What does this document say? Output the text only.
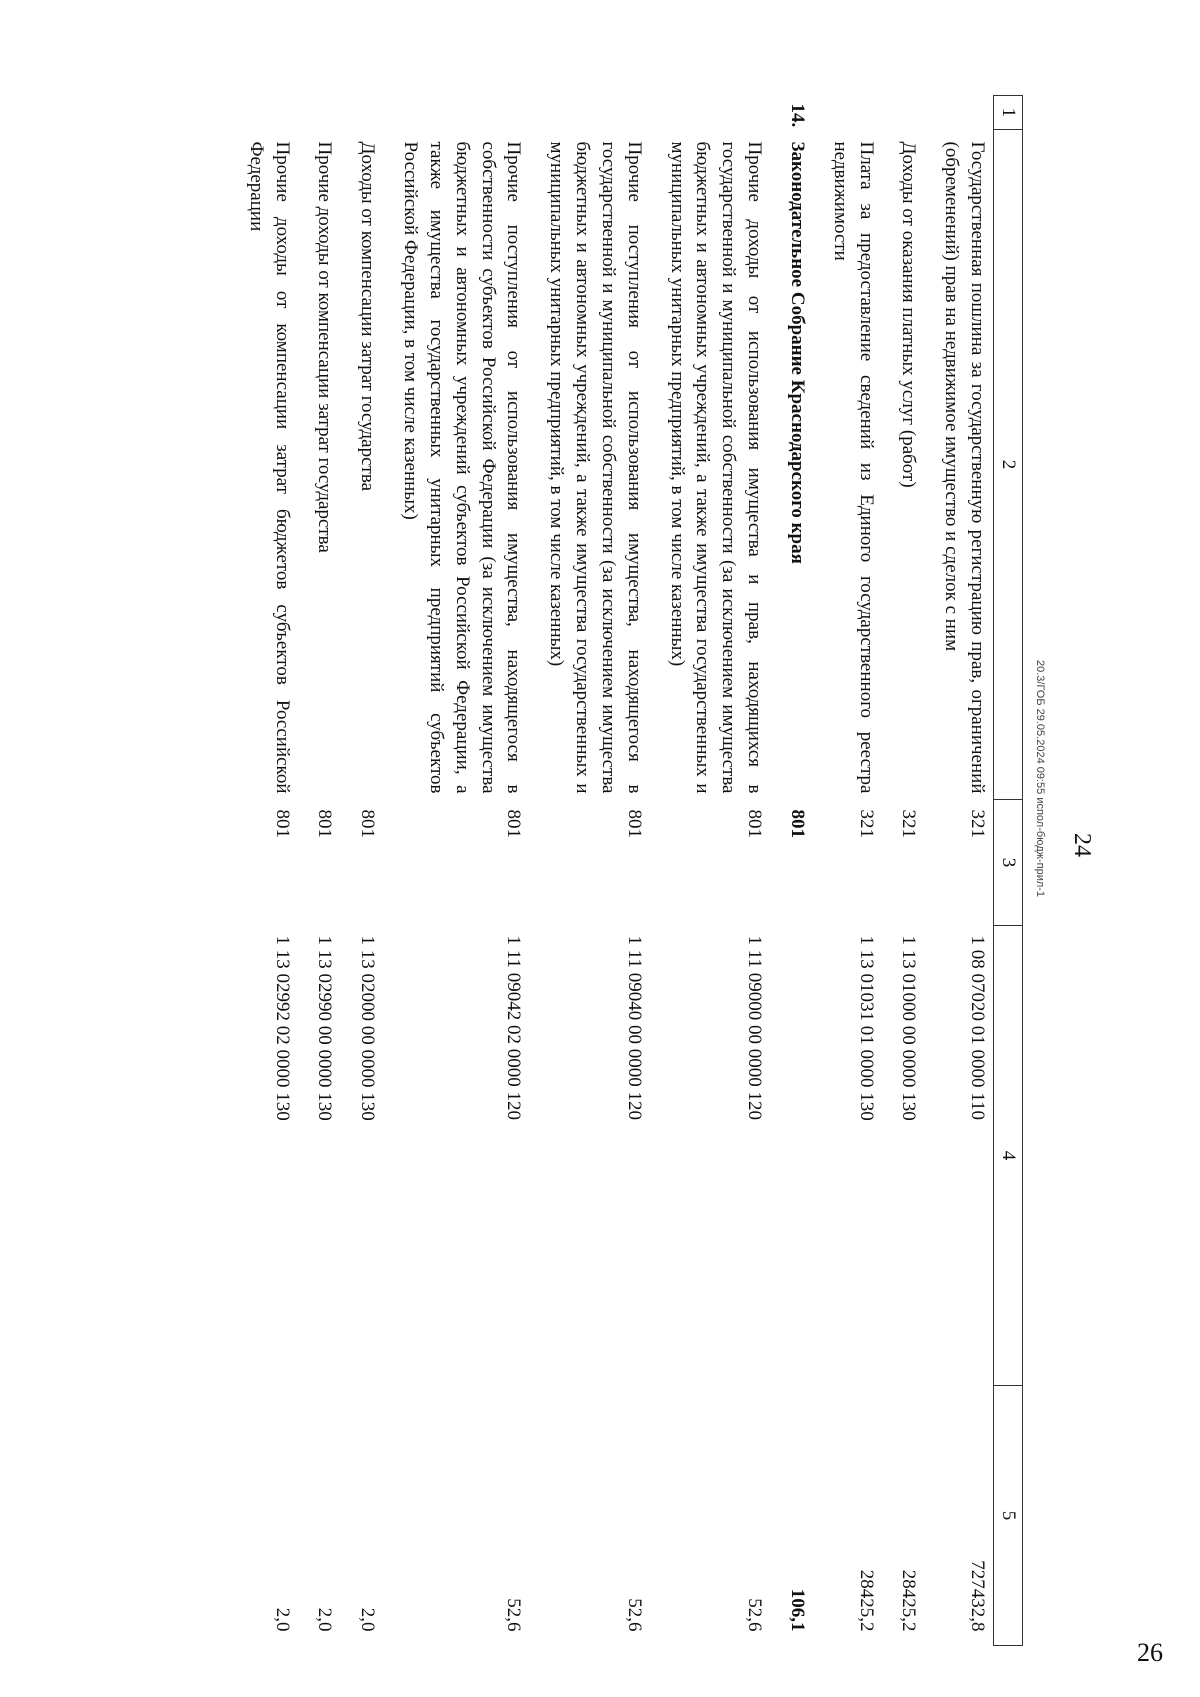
24
1	2	3	4	5
	Государственная пошлина за государственную регистрацию прав, ограничений (обременений) прав на недвижимое имущество и сделок с ним	321	1 08 07020 01 0000 110	727432,8
	Доходы от оказания платных услуг (работ)	321	1 13 01000 00 0000 130	28425,2
	Плата за предоставление сведений из Единого государственного реестра недвижимости	321	1 13 01031 01 0000 130	28425,2
14.	Законодательное Собрание Краснодарского края	801		106,1
	Прочие доходы от использования имущества и прав, находящихся в государственной и муниципальной собственности (за исключением имущества бюджетных и автономных учреждений, а также имущества государственных и муниципальных унитарных предприятий, в том числе казенных)	801	1 11 09000 00 0000 120	52,6
	Прочие поступления от использования имущества, находящегося в государственной и муниципальной собственности (за исключением имущества бюджетных и автономных учреждений, а также имущества государственных и муниципальных унитарных предприятий, в том числе казенных)	801	1 11 09040 00 0000 120	52,6
	Прочие поступления от использования имущества, находящегося в собственности субъектов Российской Федерации (за исключением имущества бюджетных и автономных учреждений субъектов Российской Федерации, а также имущества государственных унитарных предприятий субъектов Российской Федерации, в том числе казенных)	801	1 11 09042 02 0000 120	52,6
	Доходы от компенсации затрат государства	801	1 13 02000 00 0000 130	2,0
	Прочие доходы от компенсации затрат государства	801	1 13 02990 00 0000 130	2,0
	Прочие доходы от компенсации затрат бюджетов субъектов Российской Федерации	801	1 13 02992 02 0000 130	2,0
20.3/ГОБ 29.05.2024 09:55 испол-бюдж-прил-1
26
